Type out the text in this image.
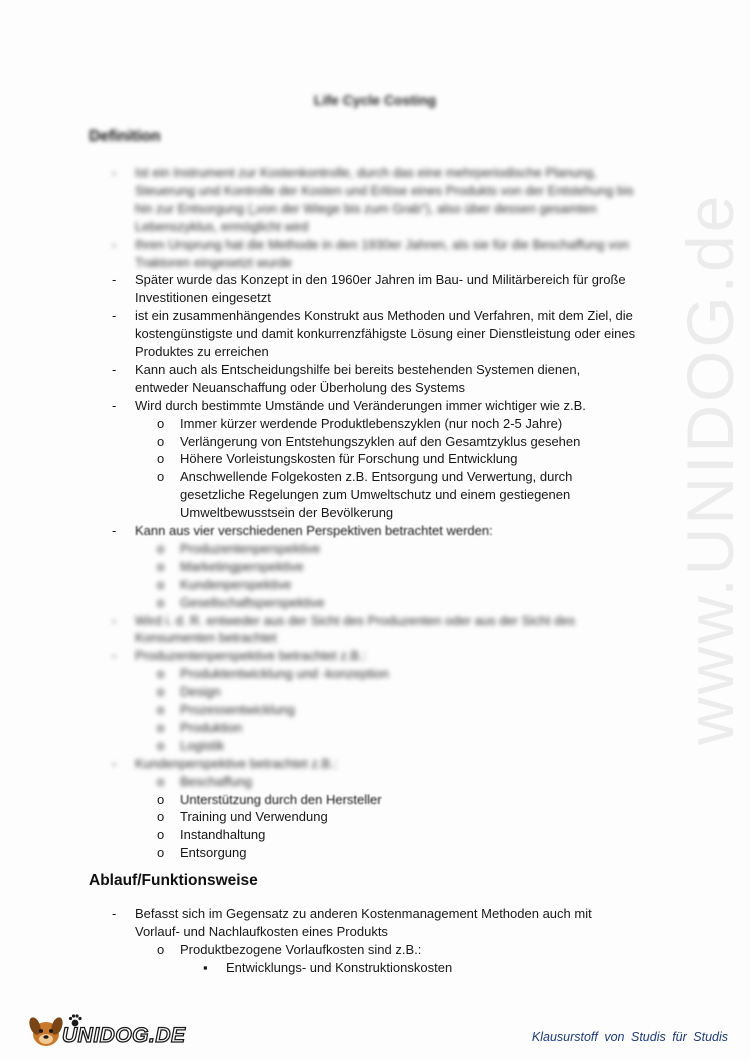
www.UNIDOG.de
Life Cycle Costing
Definition
- Ist ein Instrument zur Kostenkontrolle, durch das eine mehrperiodische Planung,
Steuerung und Kontrolle der Kosten und Erlöse eines Produkts von der Entstehung bis
hin zur Entsorgung („von der Wiege bis zum Grab“), also über dessen gesamten
Lebenszyklus, ermöglicht wird
- Ihren Ursprung hat die Methode in den 1930er Jahren, als sie für die Beschaffung von
Traktoren eingesetzt wurde
- Später wurde das Konzept in den 1960er Jahren im Bau- und Militärbereich für große
Investitionen eingesetzt
- ist ein zusammenhängendes Konstrukt aus Methoden und Verfahren, mit dem Ziel, die
kostengünstigste und damit konkurrenzfähigste Lösung einer Dienstleistung oder eines
Produktes zu erreichen
- Kann auch als Entscheidungshilfe bei bereits bestehenden Systemen dienen,
entweder Neuanschaffung oder Überholung des Systems
- Wird durch bestimmte Umstände und Veränderungen immer wichtiger wie z.B.
o Immer kürzer werdende Produktlebenszyklen (nur noch 2-5 Jahre)
o Verlängerung von Entstehungszyklen auf den Gesamtzyklus gesehen
o Höhere Vorleistungskosten für Forschung und Entwicklung
o Anschwellende Folgekosten z.B. Entsorgung und Verwertung, durch
gesetzliche Regelungen zum Umweltschutz und einem gestiegenen
Umweltbewusstsein der Bevölkerung
- Kann aus vier verschiedenen Perspektiven betrachtet werden:
o Produzentenperspektive
o Marketingperspektive
o Kundenperspektive
o Gesellschaftsperspektive
- Wird i. d. R. entweder aus der Sicht des Produzenten oder aus der Sicht des
Konsumenten betrachtet
- Produzentenperspektive betrachtet z.B.:
o Produktentwicklung und -konzeption
o Design
o Prozessentwicklung
o Produktion
o Logistik
- Kundenperspektive betrachtet z.B.:
o Beschaffung
o Unterstützung durch den Hersteller
o Training und Verwendung
o Instandhaltung
o Entsorgung
Ablauf/Funktionsweise
- Befasst sich im Gegensatz zu anderen Kostenmanagement Methoden auch mit
Vorlauf- und Nachlaufkosten eines Produkts
o Produktbezogene Vorlaufkosten sind z.B.:
▪ Entwicklungs- und Konstruktionskosten
UNIDOG.DE	Klausurstoff von Studis für Studis
